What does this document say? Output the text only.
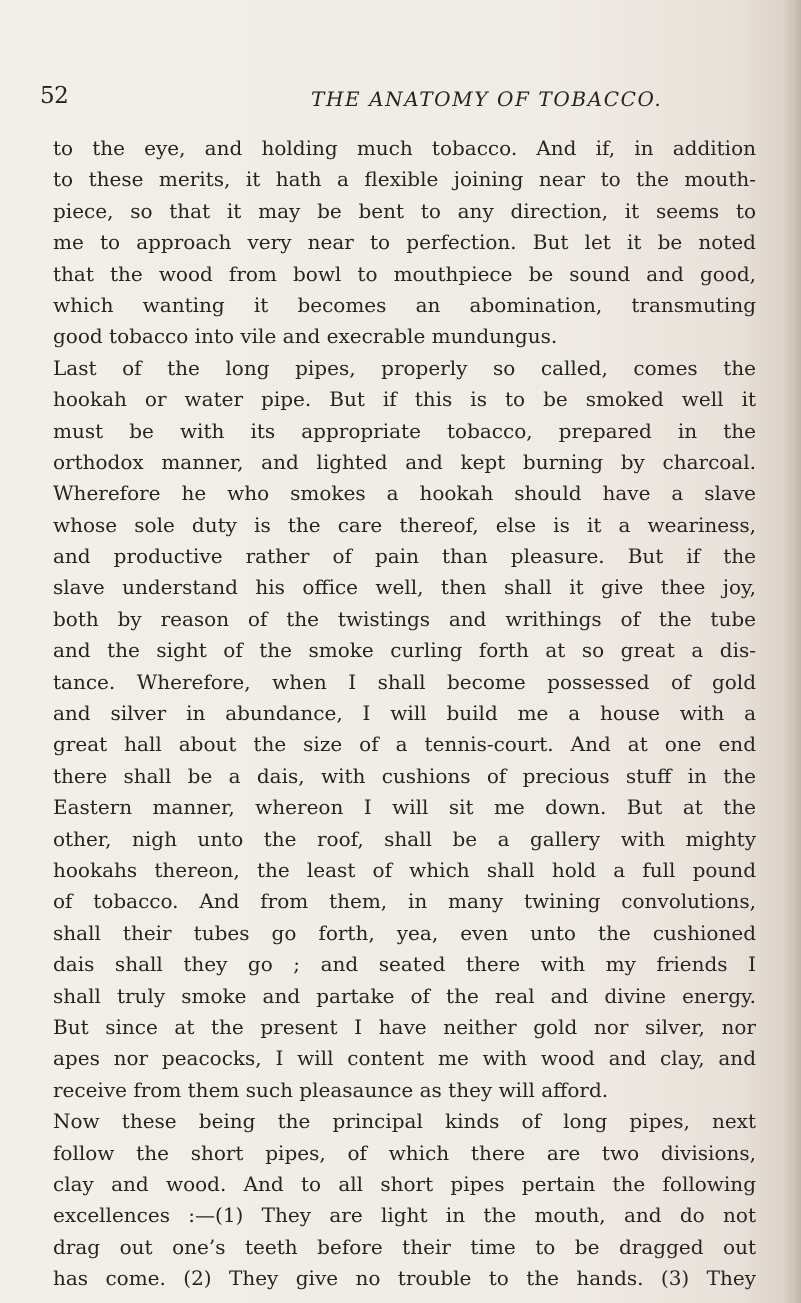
52	THE ANATOMY OF TOBACCO.
to the eye, and holding much tobacco. And if, in addition
to these merits, it hath a flexible joining near to the mouth-
piece, so that it may be bent to any direction, it seems to
me to approach very near to perfection. But let it be noted
that the wood from bowl to mouthpiece be sound and good,
which wanting it becomes an abomination, transmuting
good tobacco into vile and execrable mundungus.
Last of the long pipes, properly so called, comes the
hookah or water pipe. But if this is to be smoked well it
must be with its appropriate tobacco, prepared in the
orthodox manner, and lighted and kept burning by charcoal.
Wherefore he who smokes a hookah should have a slave
whose sole duty is the care thereof, else is it a weariness,
and productive rather of pain than pleasure. But if the
slave understand his office well, then shall it give thee joy,
both by reason of the twistings and writhings of the tube
and the sight of the smoke curling forth at so great a dis-
tance. Wherefore, when I shall become possessed of gold
and silver in abundance, I will build me a house with a
great hall about the size of a tennis-court. And at one end
there shall be a dais, with cushions of precious stuff in the
Eastern manner, whereon I will sit me down. But at the
other, nigh unto the roof, shall be a gallery with mighty
hookahs thereon, the least of which shall hold a full pound
of tobacco. And from them, in many twining convolutions,
shall their tubes go forth, yea, even unto the cushioned
dais shall they go ; and seated there with my friends I
shall truly smoke and partake of the real and divine energy.
But since at the present I have neither gold nor silver, nor
apes nor peacocks, I will content me with wood and clay, and
receive from them such pleasaunce as they will afford.
Now these being the principal kinds of long pipes, next
follow the short pipes, of which there are two divisions,
clay and wood. And to all short pipes pertain the following
excellences :—(1) They are light in the mouth, and do not
drag out one’s teeth before their time to be dragged out
has come. (2) They give no trouble to the hands. (3) They
